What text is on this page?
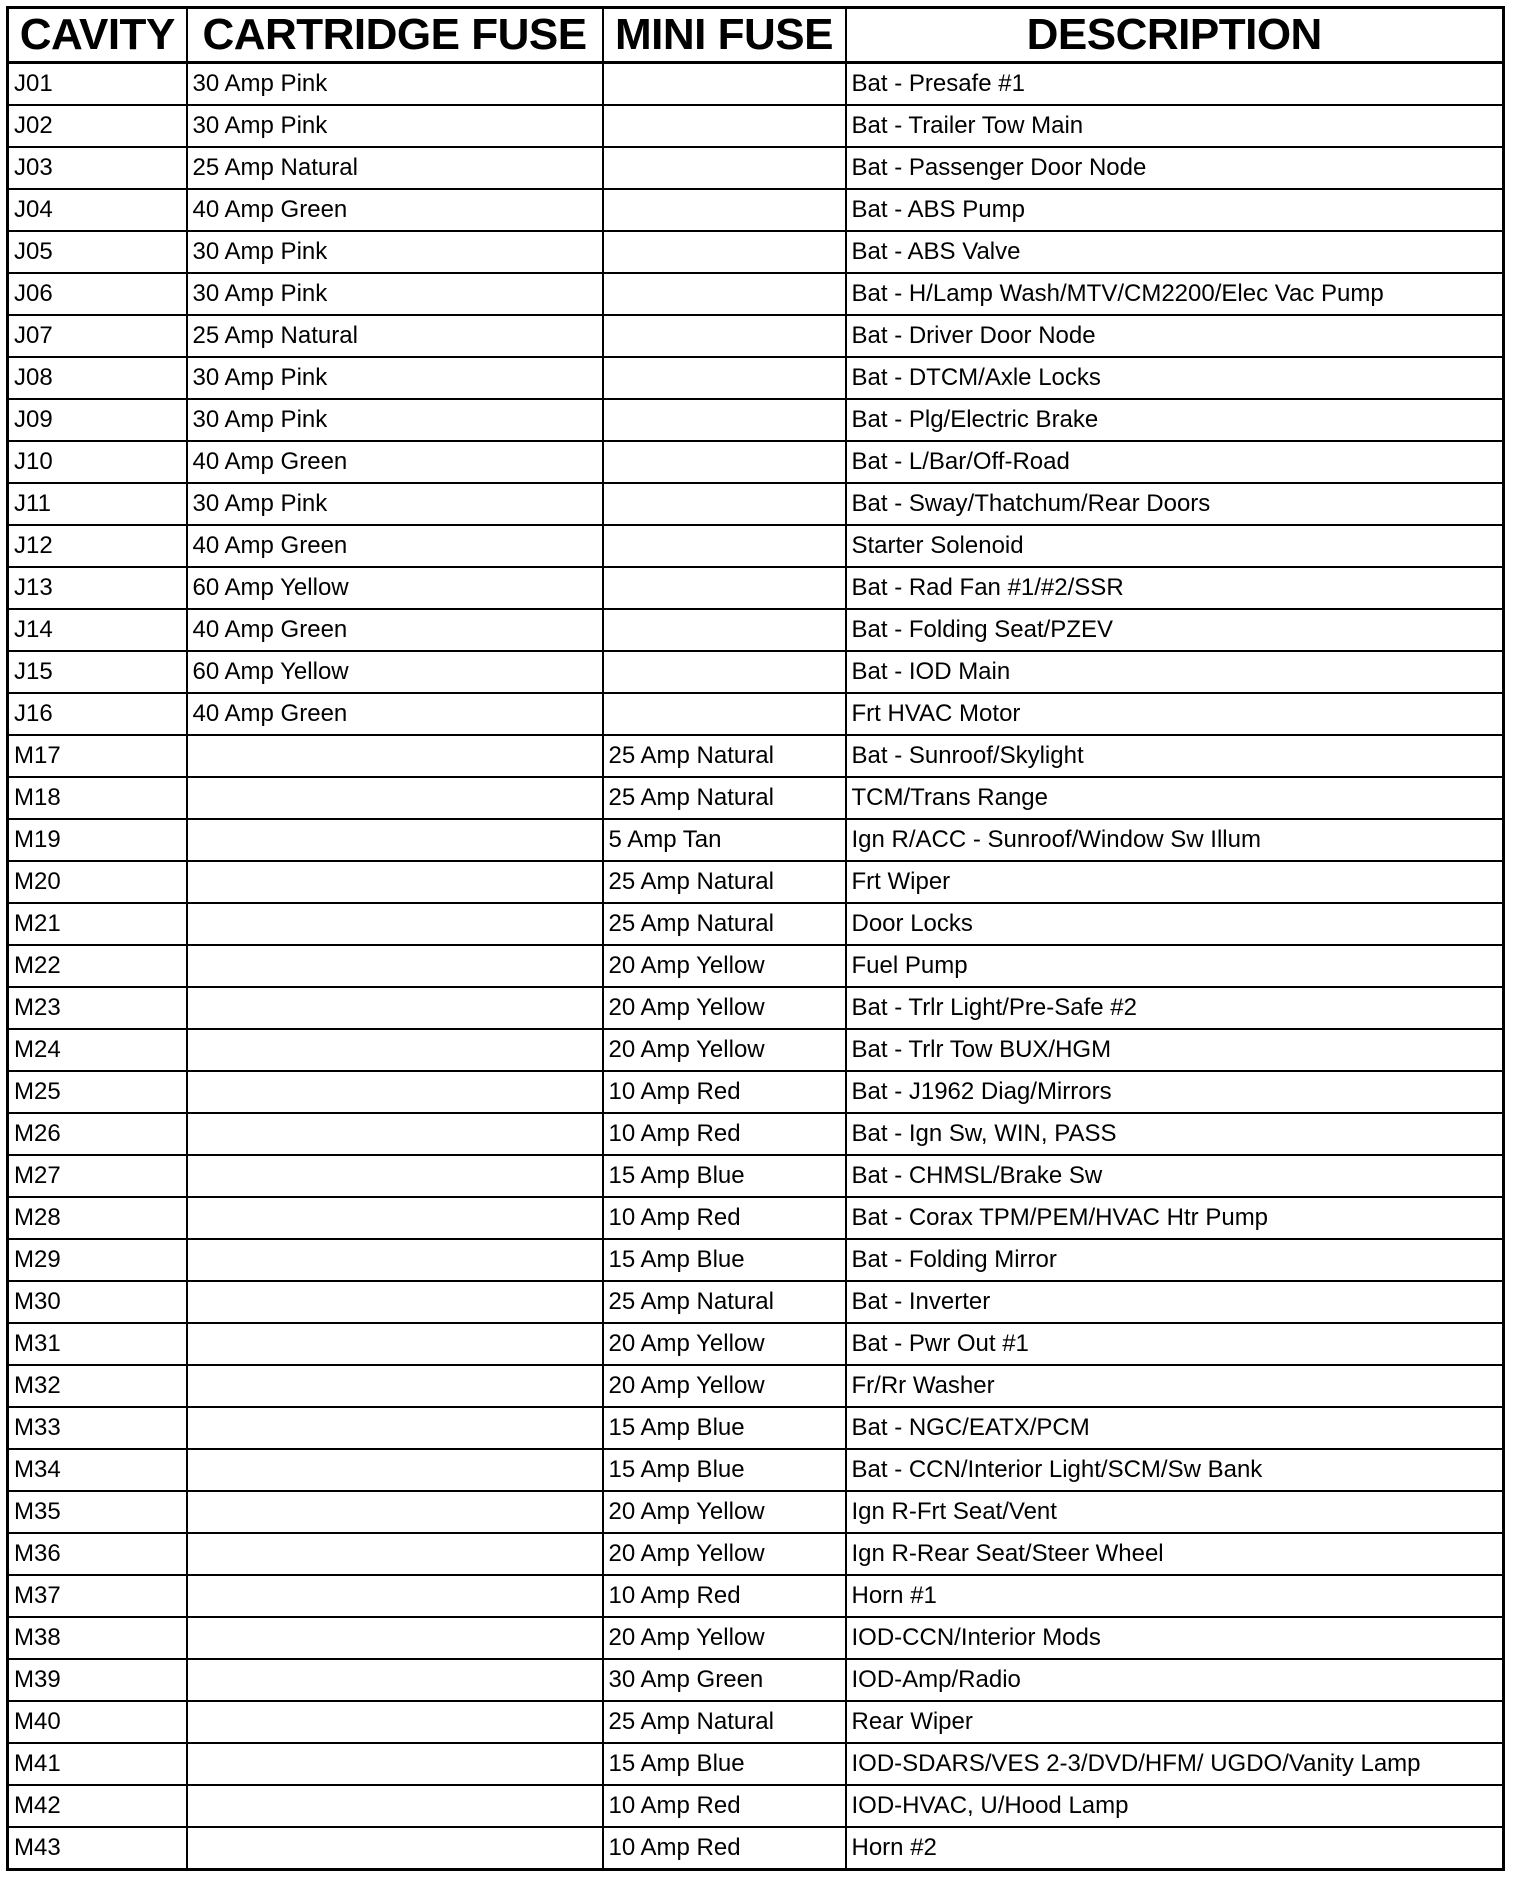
CAVITY	CARTRIDGE FUSE	MINI FUSE	DESCRIPTION
J01	30 Amp Pink		Bat - Presafe #1
J02	30 Amp Pink		Bat - Trailer Tow Main
J03	25 Amp Natural		Bat - Passenger Door Node
J04	40 Amp Green		Bat - ABS Pump
J05	30 Amp Pink		Bat - ABS Valve
J06	30 Amp Pink		Bat - H/Lamp Wash/MTV/CM2200/Elec Vac Pump
J07	25 Amp Natural		Bat - Driver Door Node
J08	30 Amp Pink		Bat - DTCM/Axle Locks
J09	30 Amp Pink		Bat - Plg/Electric Brake
J10	40 Amp Green		Bat - L/Bar/Off-Road
J11	30 Amp Pink		Bat - Sway/Thatchum/Rear Doors
J12	40 Amp Green		Starter Solenoid
J13	60 Amp Yellow		Bat - Rad Fan #1/#2/SSR
J14	40 Amp Green		Bat - Folding Seat/PZEV
J15	60 Amp Yellow		Bat - IOD Main
J16	40 Amp Green		Frt HVAC Motor
M17		25 Amp Natural	Bat - Sunroof/Skylight
M18		25 Amp Natural	TCM/Trans Range
M19		5 Amp Tan	Ign R/ACC - Sunroof/Window Sw Illum
M20		25 Amp Natural	Frt Wiper
M21		25 Amp Natural	Door Locks
M22		20 Amp Yellow	Fuel Pump
M23		20 Amp Yellow	Bat - Trlr Light/Pre-Safe #2
M24		20 Amp Yellow	Bat - Trlr Tow BUX/HGM
M25		10 Amp Red	Bat - J1962 Diag/Mirrors
M26		10 Amp Red	Bat - Ign Sw, WIN, PASS
M27		15 Amp Blue	Bat - CHMSL/Brake Sw
M28		10 Amp Red	Bat - Corax TPM/PEM/HVAC Htr Pump
M29		15 Amp Blue	Bat - Folding Mirror
M30		25 Amp Natural	Bat - Inverter
M31		20 Amp Yellow	Bat - Pwr Out #1
M32		20 Amp Yellow	Fr/Rr Washer
M33		15 Amp Blue	Bat - NGC/EATX/PCM
M34		15 Amp Blue	Bat - CCN/Interior Light/SCM/Sw Bank
M35		20 Amp Yellow	Ign R-Frt Seat/Vent
M36		20 Amp Yellow	Ign R-Rear Seat/Steer Wheel
M37		10 Amp Red	Horn #1
M38		20 Amp Yellow	IOD-CCN/Interior Mods
M39		30 Amp Green	IOD-Amp/Radio
M40		25 Amp Natural	Rear Wiper
M41		15 Amp Blue	IOD-SDARS/VES 2-3/DVD/HFM/ UGDO/Vanity Lamp
M42		10 Amp Red	IOD-HVAC, U/Hood Lamp
M43		10 Amp Red	Horn #2
